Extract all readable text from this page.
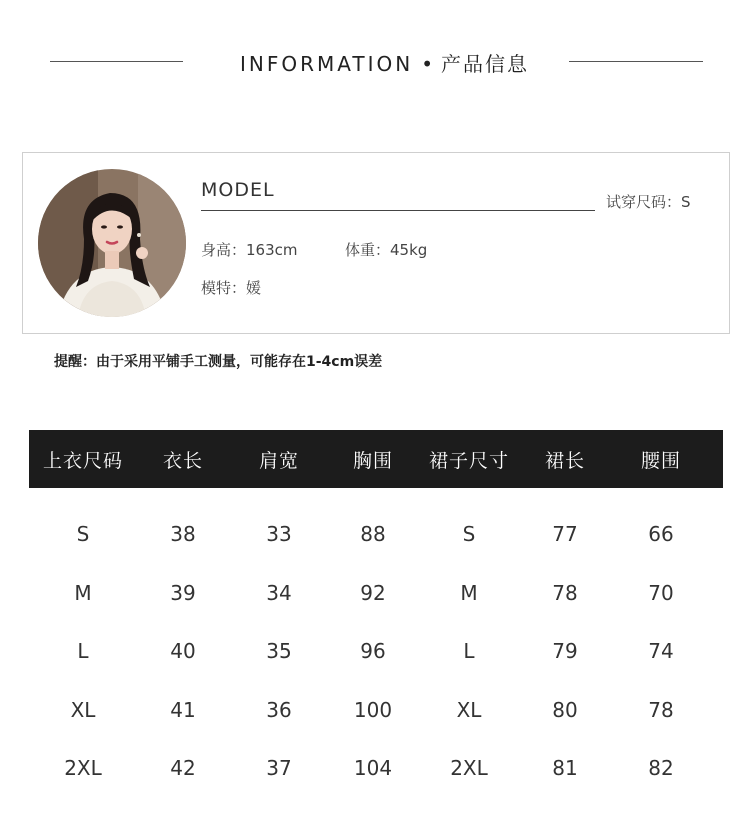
INFORMATION • 产品信息
MODEL
试穿尺码：S
身高：163cm	体重：45kg
模特：媛
提醒：由于采用平铺手工测量，可能存在1-4cm误差
上衣尺码	衣长	肩宽	胸围	裙子尺寸	裙长	腰围
S	38	33	88	S	77	66
M	39	34	92	M	78	70
L	40	35	96	L	79	74
XL	41	36	100	XL	80	78
2XL	42	37	104	2XL	81	82
